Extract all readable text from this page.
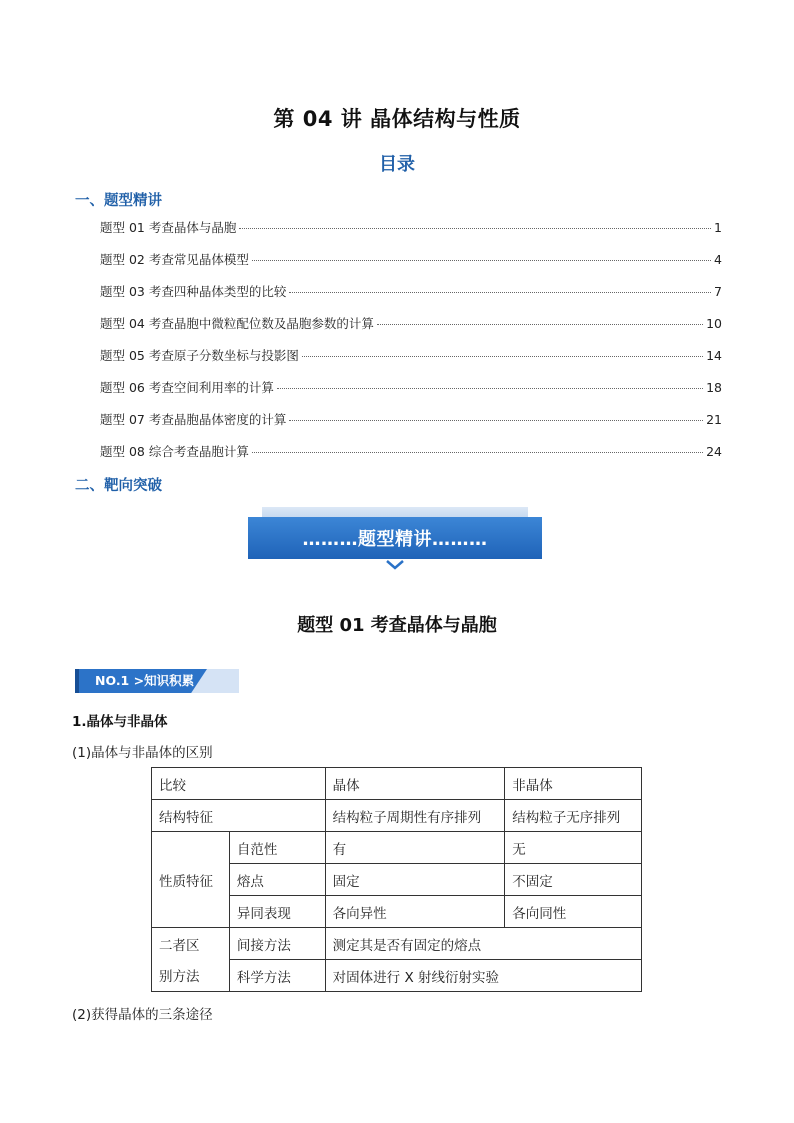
第 04 讲 晶体结构与性质
目录
一、题型精讲
题型 01 考查晶体与晶胞	1
题型 02 考查常见晶体模型	4
题型 03 考查四种晶体类型的比较	7
题型 04 考查晶胞中微粒配位数及晶胞参数的计算	10
题型 05 考查原子分数坐标与投影图	14
题型 06 考查空间利用率的计算	18
题型 07 考查晶胞晶体密度的计算	21
题型 08 综合考查晶胞计算	24
二、靶向突破
………题型精讲………
题型 01 考查晶体与晶胞
NO.1 >知识积累
1.晶体与非晶体
(1)晶体与非晶体的区别
比较		晶体	非晶体
结构特征		结构粒子周期性有序排列	结构粒子无序排列
性质特征	自范性	有	无
	熔点	固定	不固定
	异同表现	各向异性	各向同性
二者区	间接方法	测定其是否有固定的熔点	
别方法	科学方法	对固体进行 X 射线衍射实验	
(2)获得晶体的三条途径
